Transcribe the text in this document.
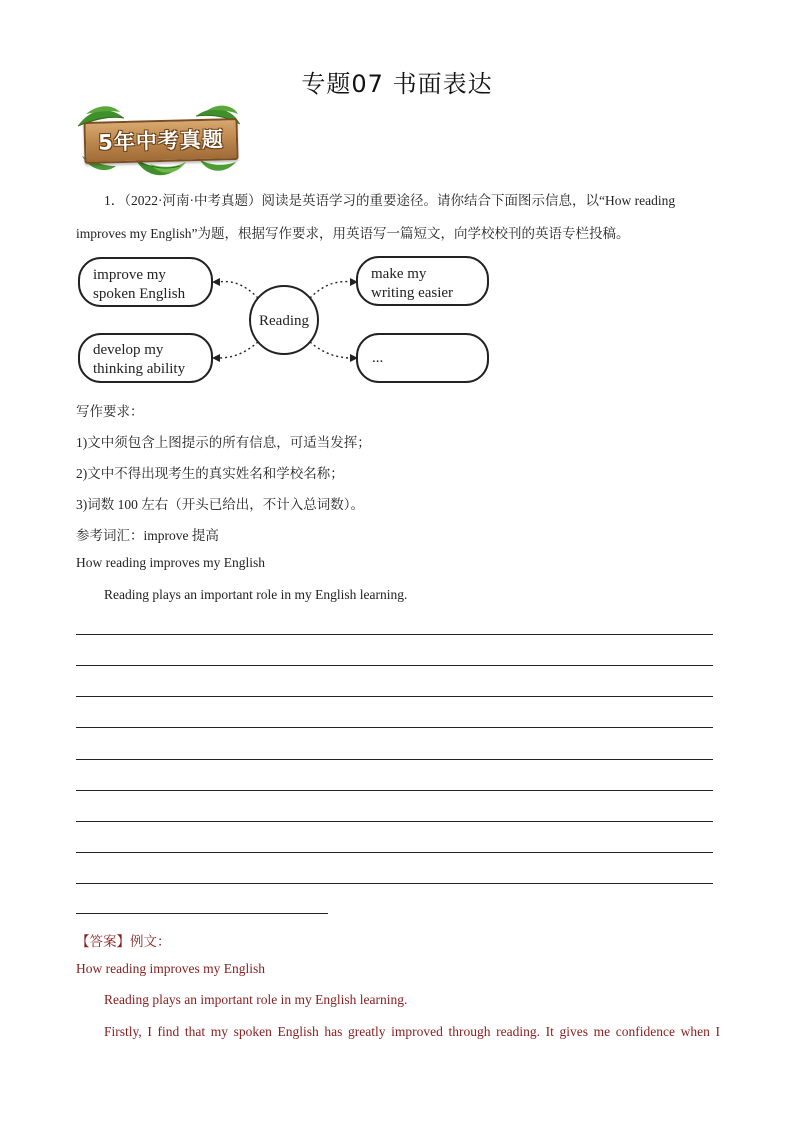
专题07 书面表达
5年中考真题
1．（2022·河南·中考真题）阅读是英语学习的重要途径。请你结合下面图示信息，以“How reading improves my English”为题，根据写作要求，用英语写一篇短文，向学校校刊的英语专栏投稿。
improve my
spoken English
develop my
thinking ability
make my
writing easier
...
Reading
写作要求：
1)文中须包含上图提示的所有信息，可适当发挥；
2)文中不得出现考生的真实姓名和学校名称；
3)词数 100 左右（开头已给出，不计入总词数）。
参考词汇：improve 提高
How reading improves my English
Reading plays an important role in my English learning.
【答案】例文：
How reading improves my English
Reading plays an important role in my English learning.
Firstly, I find that my spoken English has greatly improved through reading. It gives me confidence when I
